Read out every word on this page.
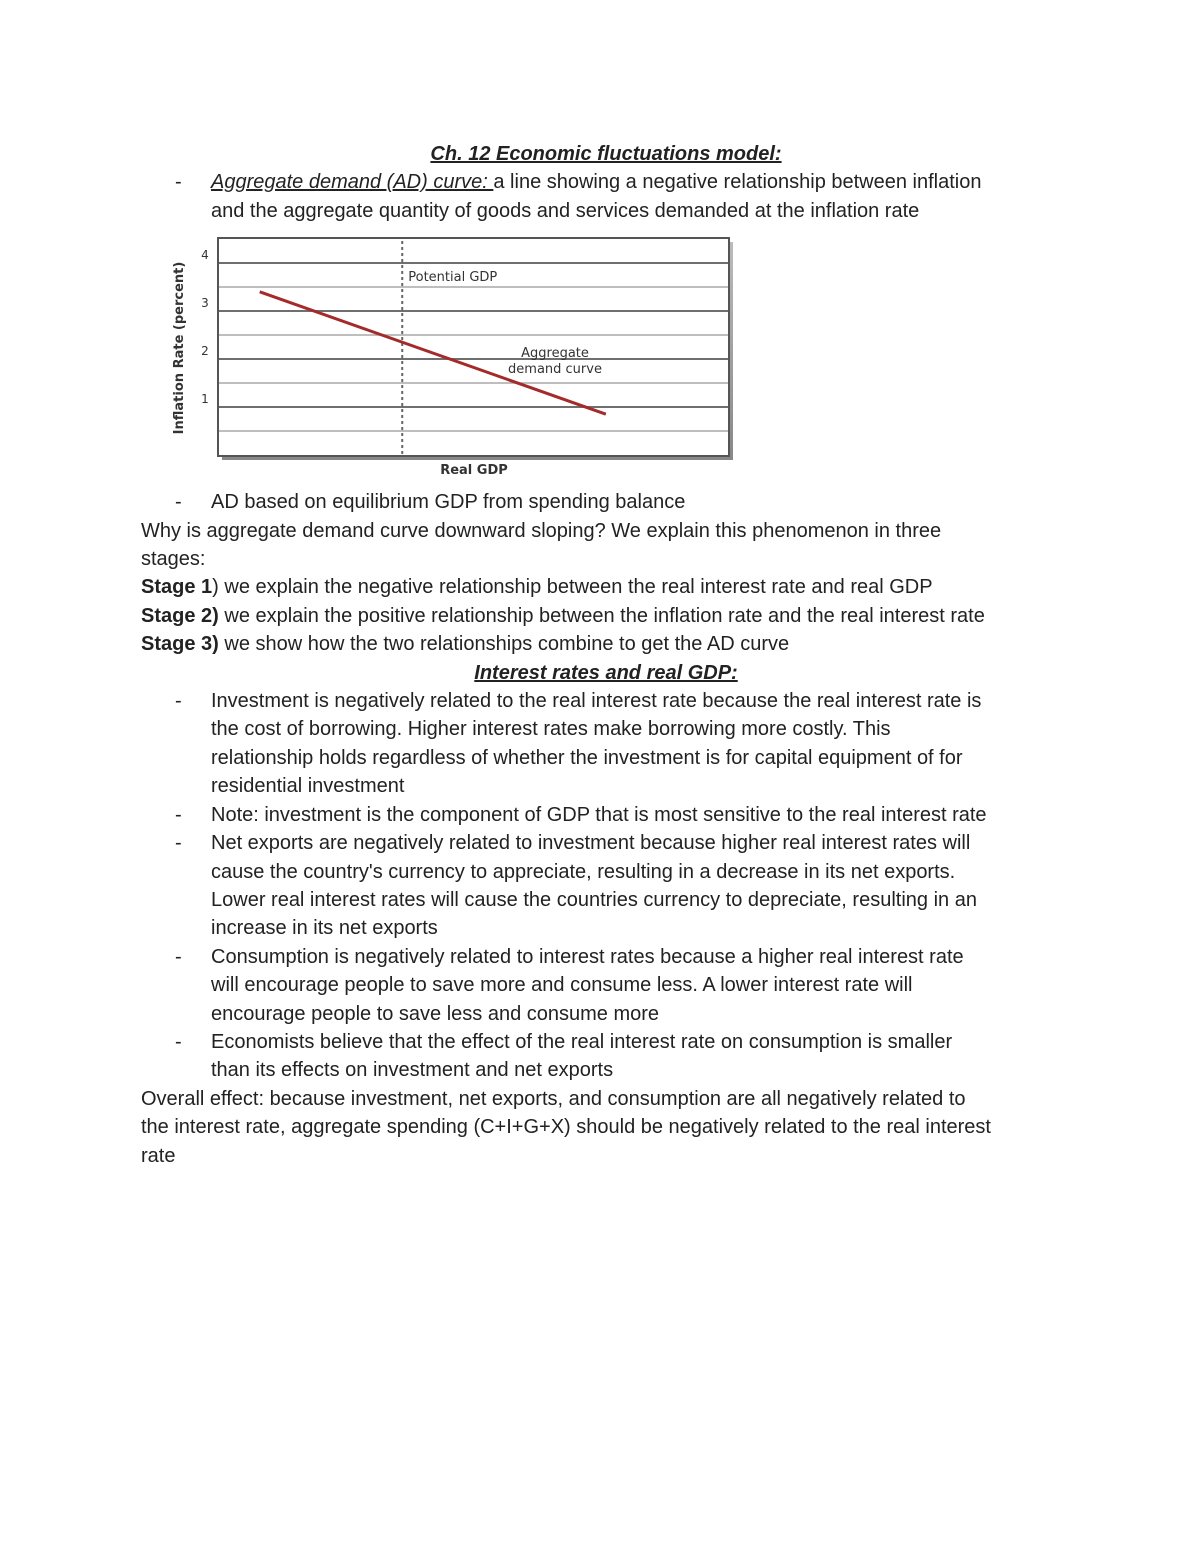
Ch. 12 Economic fluctuations model:
-	Aggregate demand (AD) curve: a line showing a negative relationship between inflation
and the aggregate quantity of goods and services demanded at the inflation rate
-	AD based on equilibrium GDP from spending balance
Why is aggregate demand curve downward sloping? We explain this phenomenon in three
stages:
Stage 1) we explain the negative relationship between the real interest rate and real GDP
Stage 2) we explain the positive relationship between the inflation rate and the real interest rate
Stage 3) we show how the two relationships combine to get the AD curve
Interest rates and real GDP:
-	Investment is negatively related to the real interest rate because the real interest rate is
the cost of borrowing. Higher interest rates make borrowing more costly. This
relationship holds regardless of whether the investment is for capital equipment of for
residential investment
-	Note: investment is the component of GDP that is most sensitive to the real interest rate
-	Net exports are negatively related to investment because higher real interest rates will
cause the country's currency to appreciate, resulting in a decrease in its net exports.
Lower real interest rates will cause the countries currency to depreciate, resulting in an
increase in its net exports
-	Consumption is negatively related to interest rates because a higher real interest rate
will encourage people to save more and consume less. A lower interest rate will
encourage people to save less and consume more
-	Economists believe that the effect of the real interest rate on consumption is smaller
than its effects on investment and net exports
Overall effect: because investment, net exports, and consumption are all negatively related to
the interest rate, aggregate spending (C+I+G+X) should be negatively related to the real interest
rate
1
2
3
4
Potential GDP
Aggregate
demand curve
Inflation Rate (percent)
Real GDP
